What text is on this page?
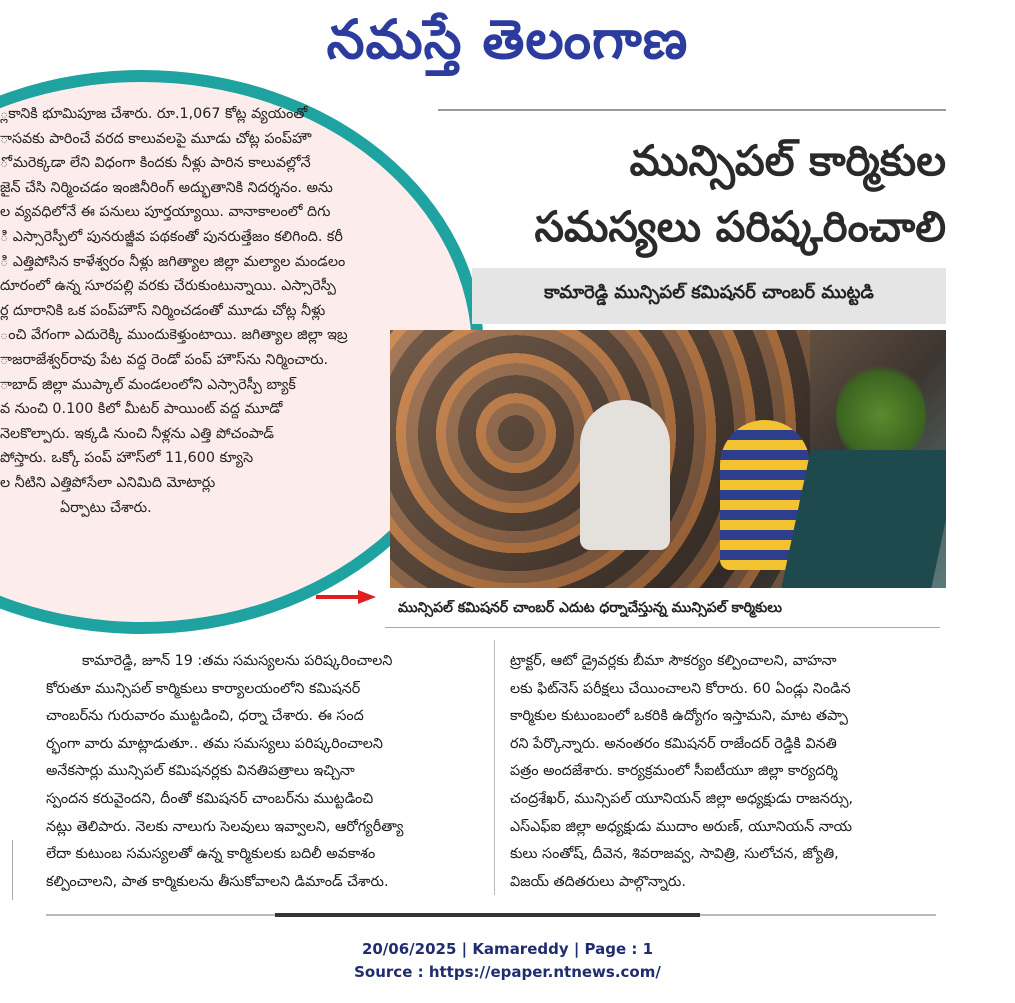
నమస్తే తెలంగాణ
్లకానికి భూమిపూజ చేశారు. రూ.1,067 కోట్ల వ్యయంతో
ాసవకు పారించే వరద కాలువలపై మూడు చోట్ల పంప్‌హౌ
ో మరెక్కడా లేని విధంగా కిందకు నీళ్లు పారిన కాలువల్లోనే
జైన్ చేసి నిర్మించడం ఇంజినీరింగ్ అద్భుతానికి నిదర్శనం. అను
ల వ్యవధిలోనే ఈ పనులు పూర్తయ్యాయి. వానాకాలంలో దిగు
ి ఎస్సారెస్పీలో పునరుజ్జీవ పథకంతో పునరుత్తేజం కలిగింది. కరీ
ి ఎత్తిపోసిన కాళేశ్వరం నీళ్లు జగిత్యాల జిల్లా మల్యాల మండలం
దూరంలో ఉన్న సూరపల్లి వరకు చేరుకుంటున్నాయి. ఎస్సారెస్పీ
ర్ల దూరానికి ఒక పంప్‌హౌస్ నిర్మించడంతో మూడు చోట్ల నీళ్లు
ంచి వేగంగా ఎదురెక్కి ముందుకెళ్తుంటాయి. జగిత్యాల జిల్లా ఇబ్ర
ాజరాజేశ్వర్‌రావు పేట వద్ద రెండో పంప్ హౌస్‌ను నిర్మించారు.
ాబాద్ జిల్లా ముప్కాల్ మండలంలోని ఎస్సారెస్పీ బ్యాక్
వ నుంచి 0.100 కిలో మీటర్ పాయింట్ వద్ద మూడో
నెలకొల్పారు. ఇక్కడి నుంచి నీళ్లను ఎత్తి పోచంపాడ్
పోస్తారు. ఒక్కో పంప్ హౌస్‌లో 11,600 క్యూసె
ల నీటిని ఎత్తిపోసేలా ఎనిమిది మోటార్లు
ఏర్పాటు చేశారు.
మున్సిపల్ కార్మికుల
సమస్యలు పరిష్కరించాలి
కామారెడ్డి మున్సిపల్ కమిషనర్ చాంబర్ ముట్టడి
మున్సిపల్ కమిషనర్ చాంబర్ ఎదుట ధర్నాచేస్తున్న మున్సిపల్ కార్మికులు
కామారెడ్డి, జూన్ 19 :తమ సమస్యలను పరిష్కరించాలని
కోరుతూ మున్సిపల్ కార్మికులు కార్యాలయంలోని కమిషనర్
చాంబర్‌ను గురువారం ముట్టడించి, ధర్నా చేశారు. ఈ సంద
ర్భంగా వారు మాట్లాడుతూ.. తమ సమస్యలు పరిష్కరించాలని
అనేకసార్లు మున్సిపల్ కమిషనర్లకు వినతిపత్రాలు ఇచ్చినా
స్పందన కరువైందని, దీంతో కమిషనర్ చాంబర్‌ను ముట్టడించి
నట్లు తెలిపారు. నెలకు నాలుగు సెలవులు ఇవ్వాలని, ఆరోగ్యరీత్యా
లేదా కుటుంబ సమస్యలతో ఉన్న కార్మికులకు బదిలీ అవకాశం
కల్పించాలని, పాత కార్మికులను తీసుకోవాలని డిమాండ్ చేశారు.
ట్రాక్టర్, ఆటో డ్రైవర్లకు బీమా సౌకర్యం కల్పించాలని, వాహనా
లకు ఫిట్‌నెస్ పరీక్షలు చేయించాలని కోరారు. 60 ఏండ్లు నిండిన
కార్మికుల కుటుంబంలో ఒకరికి ఉద్యోగం ఇస్తామని, మాట తప్పా
రని పేర్కొన్నారు. అనంతరం కమిషనర్ రాజేందర్ రెడ్డికి వినతి
పత్రం అందజేశారు. కార్యక్రమంలో సీఐటీయూ జిల్లా కార్యదర్శి
చంద్రశేఖర్, మున్సిపల్ యూనియన్ జిల్లా అధ్యక్షుడు రాజనర్సు,
ఎస్ఎఫ్ఐ జిల్లా అధ్యక్షుడు ముదాం అరుణ్, యూనియన్ నాయ
కులు సంతోష్, దీవెన, శివరాజవ్వ, సావిత్రి, సులోచన, జ్యోతి,
విజయ్ తదితరులు పాల్గొన్నారు.
20/06/2025 | Kamareddy | Page : 1
Source : https://epaper.ntnews.com/
